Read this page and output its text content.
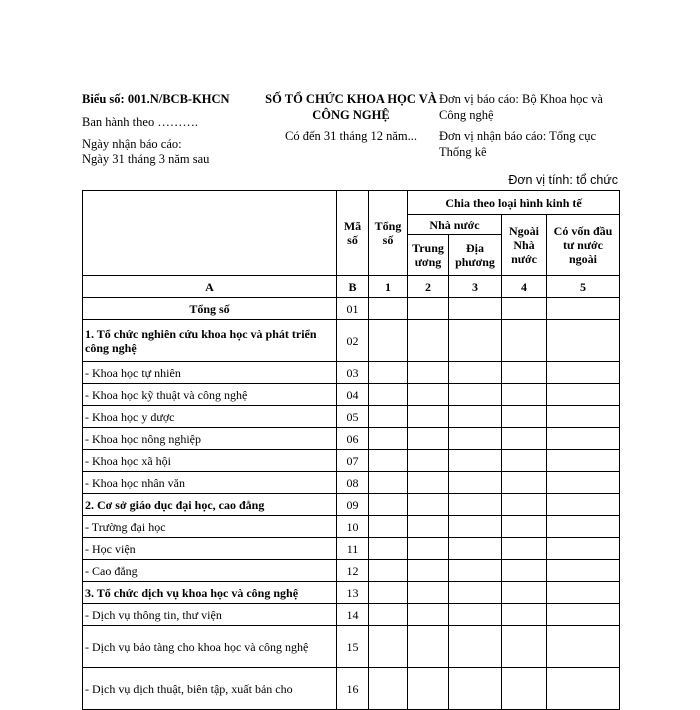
Biểu số: 001.N/BCB-KHCN
Ban hành theo ……….
Ngày nhận báo cáo:
Ngày 31 tháng 3 năm sau
SỐ TỔ CHỨC KHOA HỌC VÀ CÔNG NGHỆ
Có đến 31 tháng 12 năm...
Đơn vị báo cáo: Bộ Khoa học và Công nghệ
Đơn vị nhận báo cáo: Tổng cục Thống kê
Đơn vị tính: tổ chức
	Mã số	Tổng số	Chia theo loại hình kinh tế			
			Nhà nước		Ngoài Nhà nước	Có vốn đầu tư nước ngoài
			Trung ương	Địa phương		
A	B	1	2	3	4	5
Tổng số	01					
1. Tổ chức nghiên cứu khoa học và phát triển công nghệ	02					
- Khoa học tự nhiên	03					
- Khoa học kỹ thuật và công nghệ	04					
- Khoa học y dược	05					
- Khoa học nông nghiệp	06					
- Khoa học xã hội	07					
- Khoa học nhân văn	08					
2. Cơ sở giáo dục đại học, cao đẳng	09					
- Trường đại học	10					
- Học viện	11					
- Cao đẳng	12					
3. Tổ chức dịch vụ khoa học và công nghệ	13					
- Dịch vụ thông tin, thư viện	14					
- Dịch vụ bảo tàng cho khoa học và công nghệ	15					
- Dịch vụ dịch thuật, biên tập, xuất bản cho	16					
